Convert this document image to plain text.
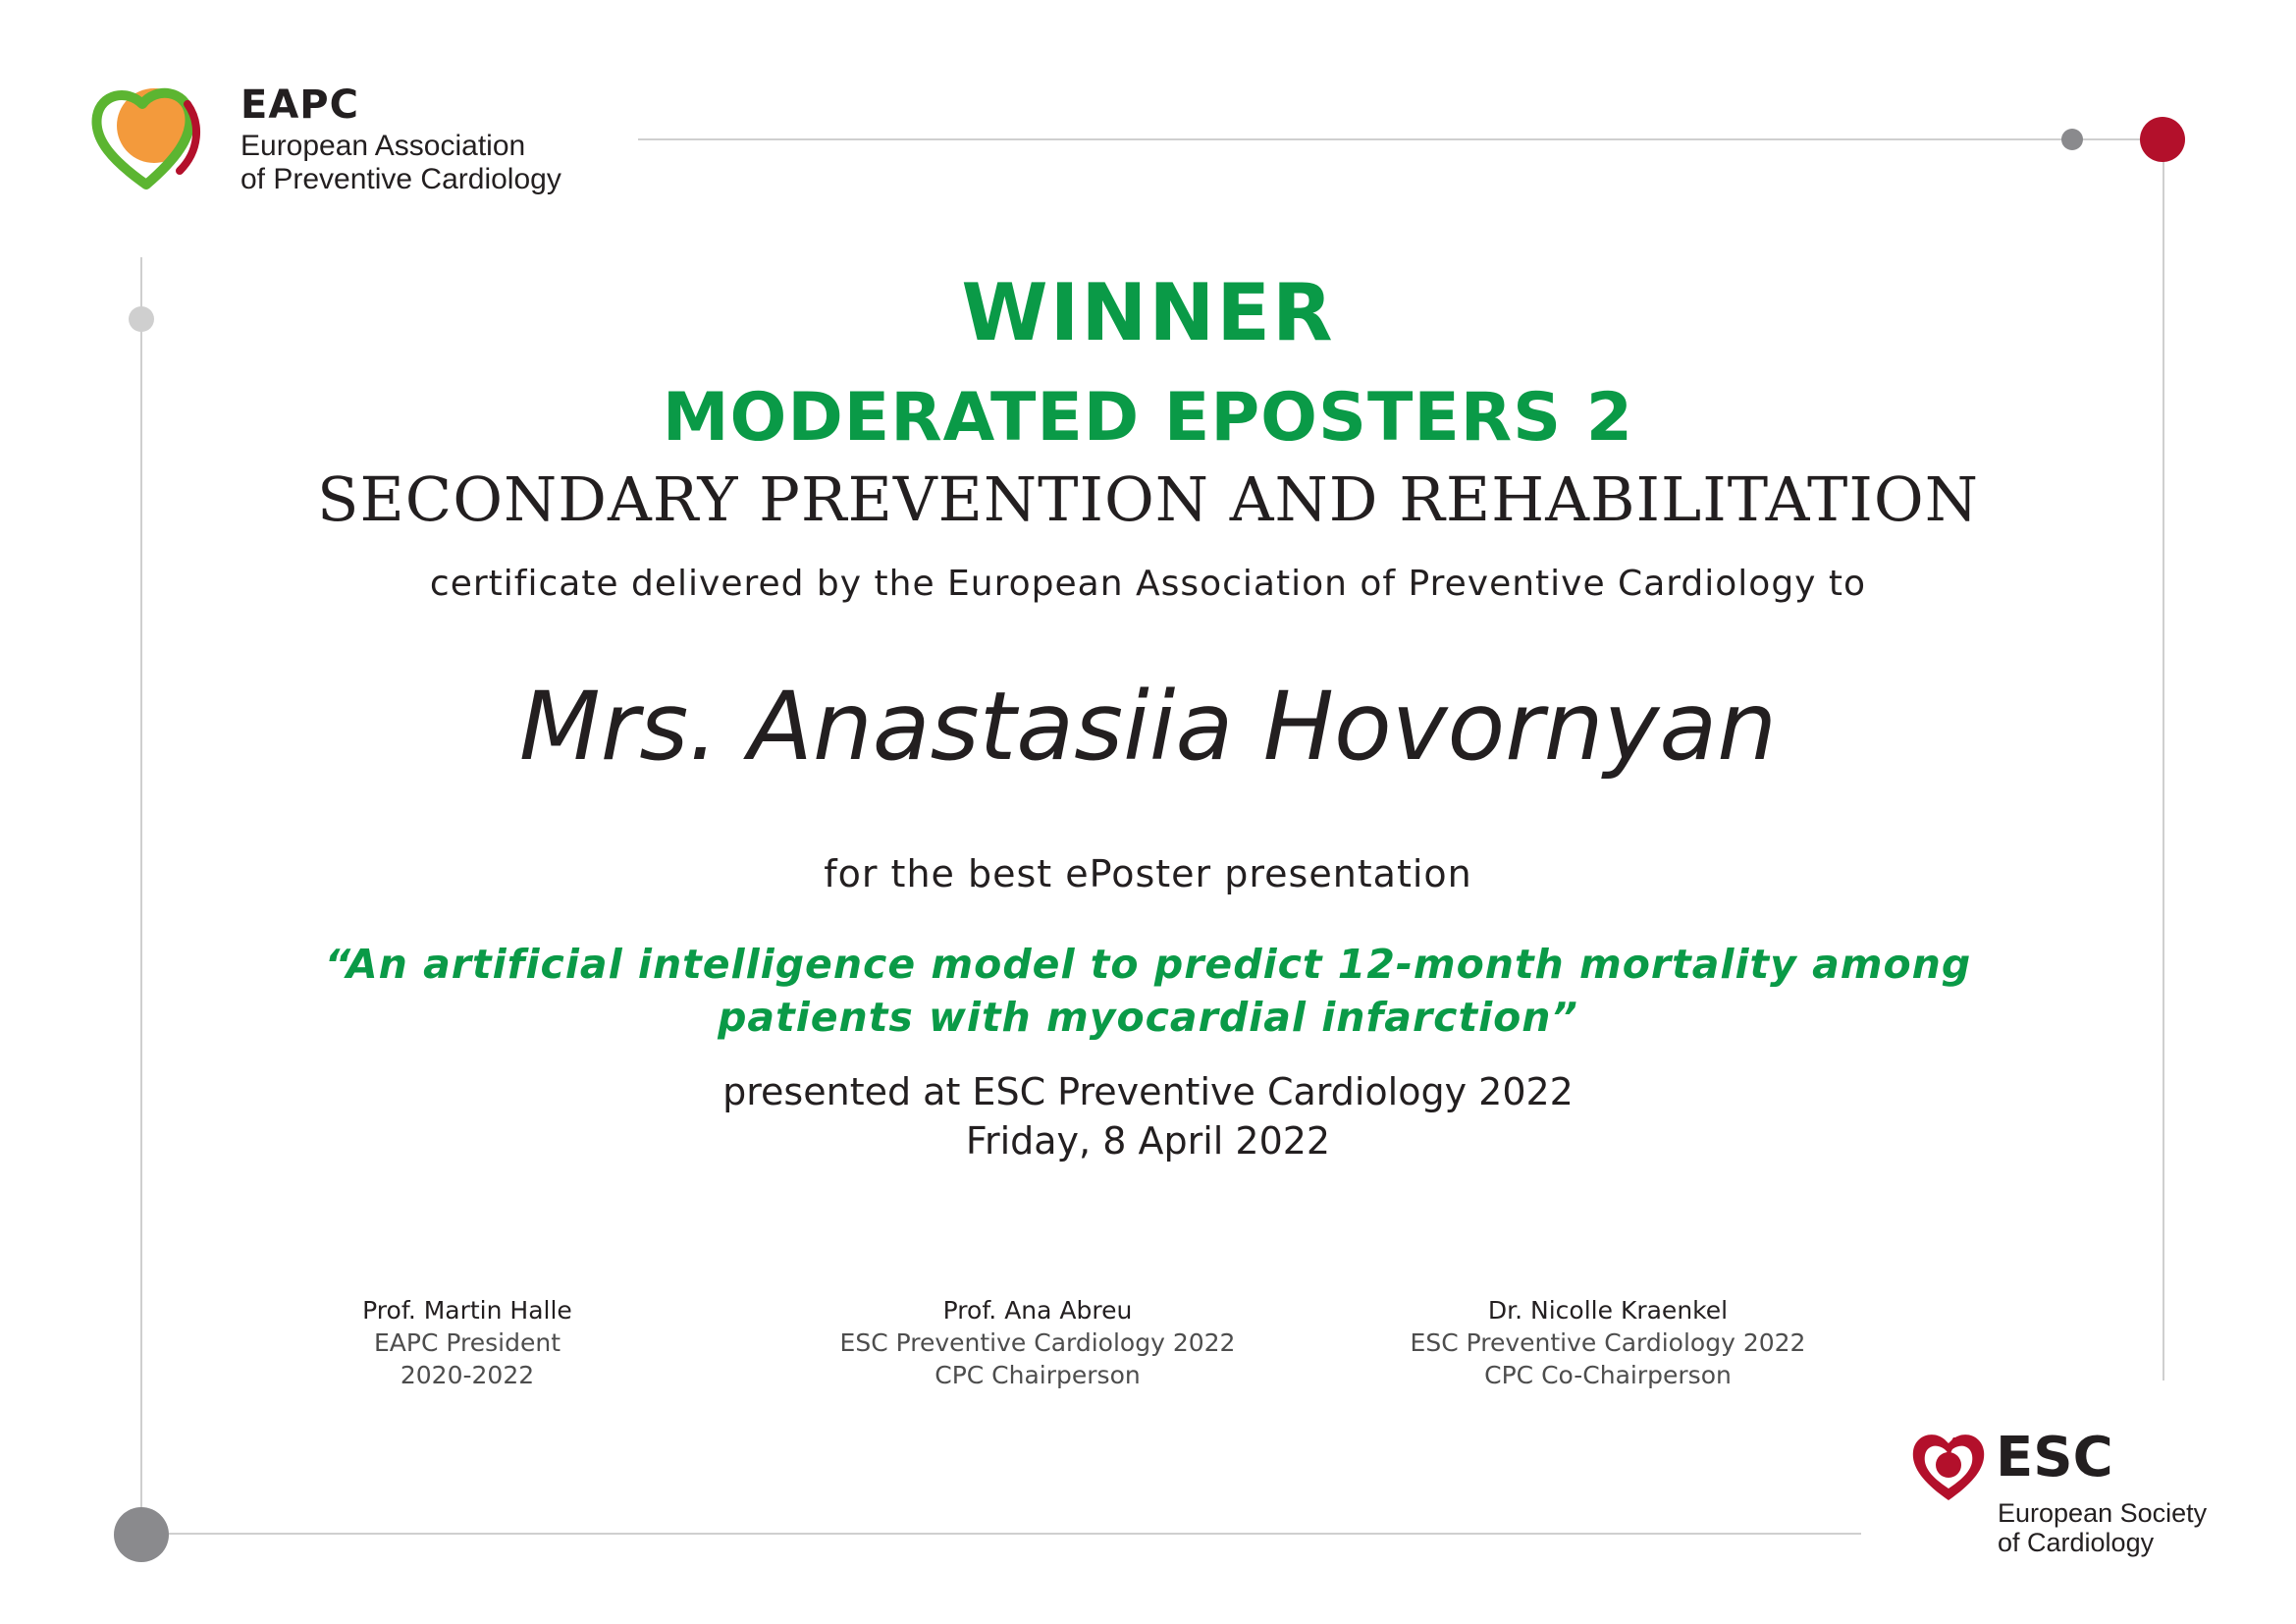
EAPC
European Association
of Preventive Cardiology
WINNER
MODERATED EPOSTERS 2
SECONDARY PREVENTION AND REHABILITATION
certificate delivered by the European Association of Preventive Cardiology to
Mrs. Anastasiia Hovornyan
for the best ePoster presentation
“An artificial intelligence model to predict 12-month mortality among
patients with myocardial infarction”
presented at ESC Preventive Cardiology 2022
Friday, 8 April 2022
Prof. Martin Halle
EAPC President
2020-2022
Prof. Ana Abreu
ESC Preventive Cardiology 2022
CPC Chairperson
Dr. Nicolle Kraenkel
ESC Preventive Cardiology 2022
CPC Co-Chairperson
ESC
European Society
of Cardiology
